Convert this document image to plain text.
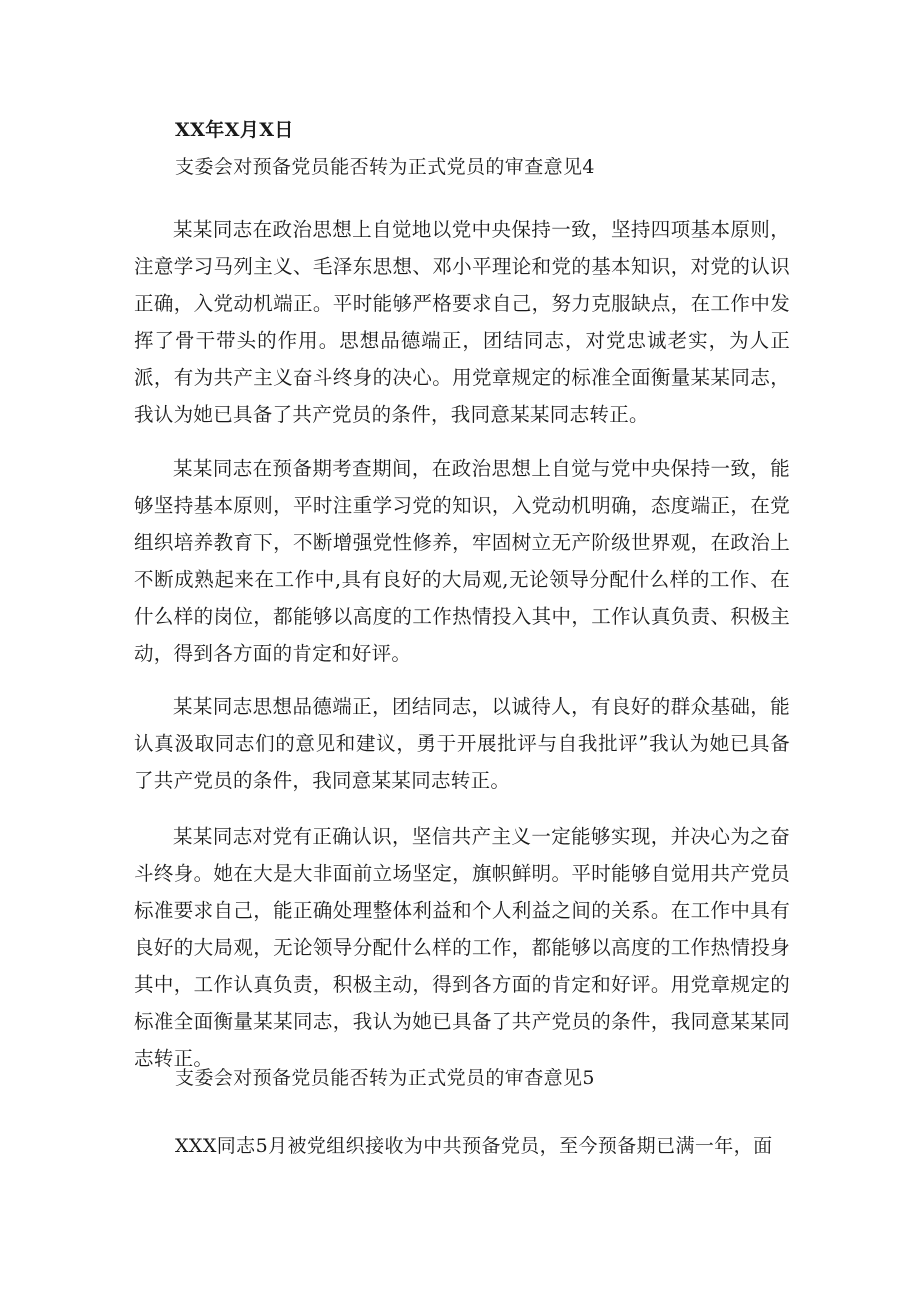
XX年X月X日
支委会对预备党员能否转为正式党员的审查意见4

某某同志在政治思想上自觉地以党中央保持一致，坚持四项基本原则，注意学习马列主义、毛泽东思想、邓小平理论和党的基本知识，对党的认识正确，入党动机端正。平时能够严格要求自己，努力克服缺点，在工作中发挥了骨干带头的作用。思想品德端正，团结同志，对党忠诚老实，为人正派，有为共产主义奋斗终身的决心。用党章规定的标准全面衡量某某同志，我认为她已具备了共产党员的条件，我同意某某同志转正。

某某同志在预备期考查期间，在政治思想上自觉与党中央保持一致，能够坚持基本原则，平时注重学习党的知识，入党动机明确，态度端正，在党组织培养教育下，不断增强党性修养，牢固树立无产阶级世界观，在政治上不断成熟起来在工作中,具有良好的大局观,无论领导分配什么样的工作、在什么样的岗位，都能够以高度的工作热情投入其中，工作认真负责、积极主动，得到各方面的肯定和好评。

某某同志思想品德端正，团结同志，以诚待人，有良好的群众基础，能认真汲取同志们的意见和建议，勇于开展批评与自我批评”我认为她已具备了共产党员的条件，我同意某某同志转正。

某某同志对党有正确认识，坚信共产主义一定能够实现，并决心为之奋斗终身。她在大是大非面前立场坚定，旗帜鲜明。平时能够自觉用共产党员标准要求自己，能正确处理整体利益和个人利益之间的关系。在工作中具有良好的大局观，无论领导分配什么样的工作，都能够以高度的工作热情投身其中，工作认真负责，积极主动，得到各方面的肯定和好评。用党章规定的标准全面衡量某某同志，我认为她已具备了共产党员的条件，我同意某某同志转正。

支委会对预备党员能否转为正式党员的审杳意见5
XXX同志5月被党组织接收为中共预备党员，至今预备期已满一年，面
